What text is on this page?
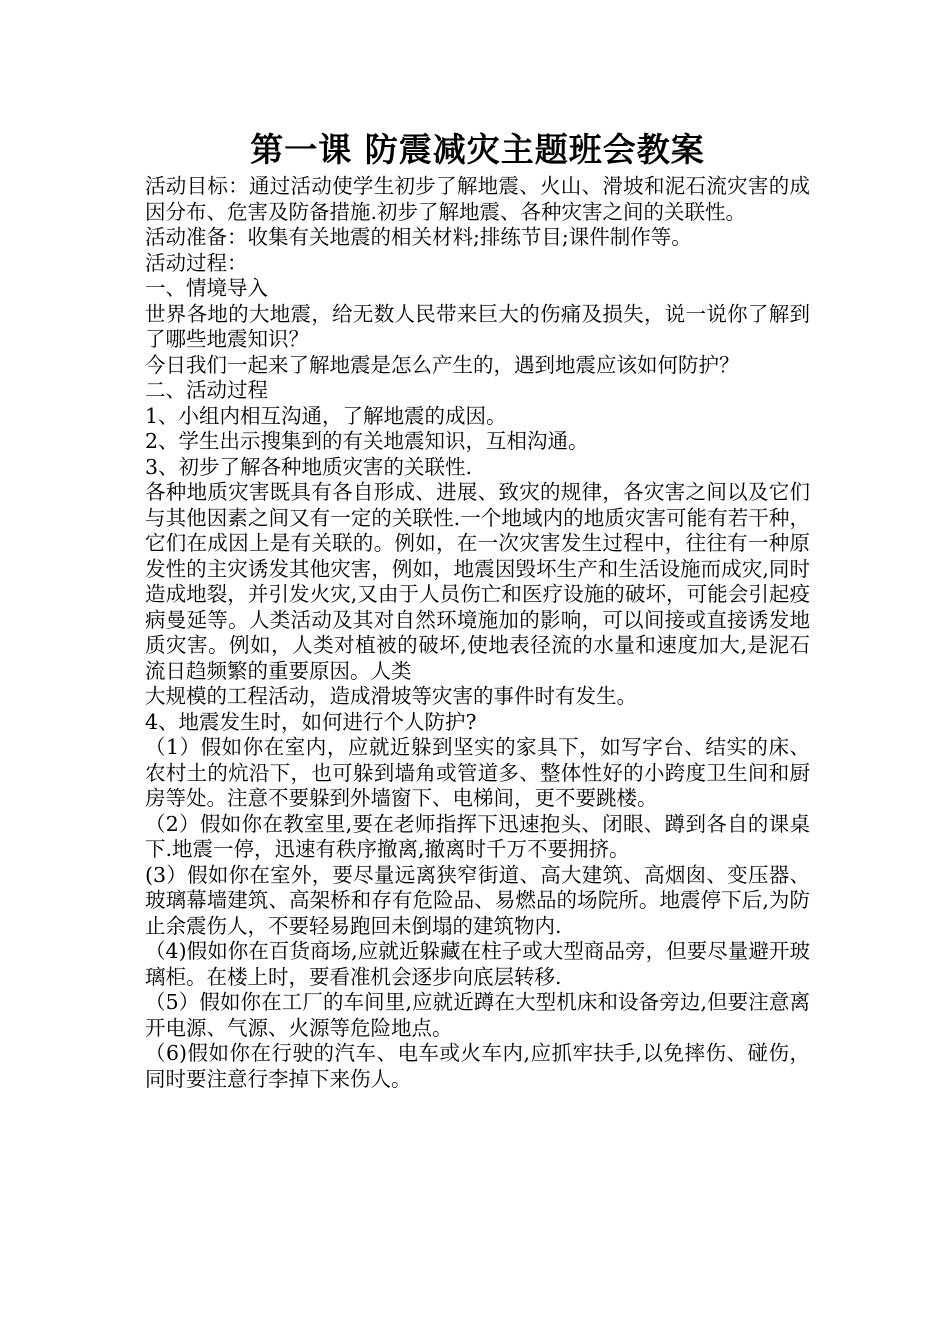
第一课 防震减灾主题班会教案

活动目标：通过活动使学生初步了解地震、火山、滑坡和泥石流灾害的成因分布、危害及防备措施.初步了解地震、各种灾害之间的关联性。

活动准备：收集有关地震的相关材料;排练节目;课件制作等。

活动过程：

一、情境导入

世界各地的大地震，给无数人民带来巨大的伤痛及损失，说一说你了解到了哪些地震知识？

今日我们一起来了解地震是怎么产生的，遇到地震应该如何防护？

二、活动过程

1、小组内相互沟通，了解地震的成因。

2、学生出示搜集到的有关地震知识，互相沟通。

3、初步了解各种地质灾害的关联性.

各种地质灾害既具有各自形成、进展、致灾的规律，各灾害之间以及它们与其他因素之间又有一定的关联性.一个地域内的地质灾害可能有若干种，它们在成因上是有关联的。例如，在一次灾害发生过程中，往往有一种原发性的主灾诱发其他灾害，例如，地震因毁坏生产和生活设施而成灾,同时造成地裂，并引发火灾,又由于人员伤亡和医疗设施的破坏，可能会引起疫病曼延等。人类活动及其对自然环境施加的影响，可以间接或直接诱发地质灾害。例如，人类对植被的破坏,使地表径流的水量和速度加大,是泥石流日趋频繁的重要原因。人类

大规模的工程活动，造成滑坡等灾害的事件时有发生。

4、地震发生时，如何进行个人防护?

（1）假如你在室内，应就近躲到坚实的家具下，如写字台、结实的床、农村土的炕沿下，也可躲到墙角或管道多、整体性好的小跨度卫生间和厨房等处。注意不要躲到外墙窗下、电梯间，更不要跳楼。

（2）假如你在教室里,要在老师指挥下迅速抱头、闭眼、蹲到各自的课桌下.地震一停，迅速有秩序撤离,撤离时千万不要拥挤。

(3）假如你在室外，要尽量远离狭窄街道、高大建筑、高烟囱、变压器、玻璃幕墙建筑、高架桥和存有危险品、易燃品的场院所。地震停下后,为防止余震伤人，不要轻易跑回未倒塌的建筑物内.

（4)假如你在百货商场,应就近躲藏在柱子或大型商品旁，但要尽量避开玻璃柜。在楼上时，要看准机会逐步向底层转移.

（5）假如你在工厂的车间里,应就近蹲在大型机床和设备旁边,但要注意离开电源、气源、火源等危险地点。

（6)假如你在行驶的汽车、电车或火车内,应抓牢扶手,以免摔伤、碰伤，同时要注意行李掉下来伤人。
